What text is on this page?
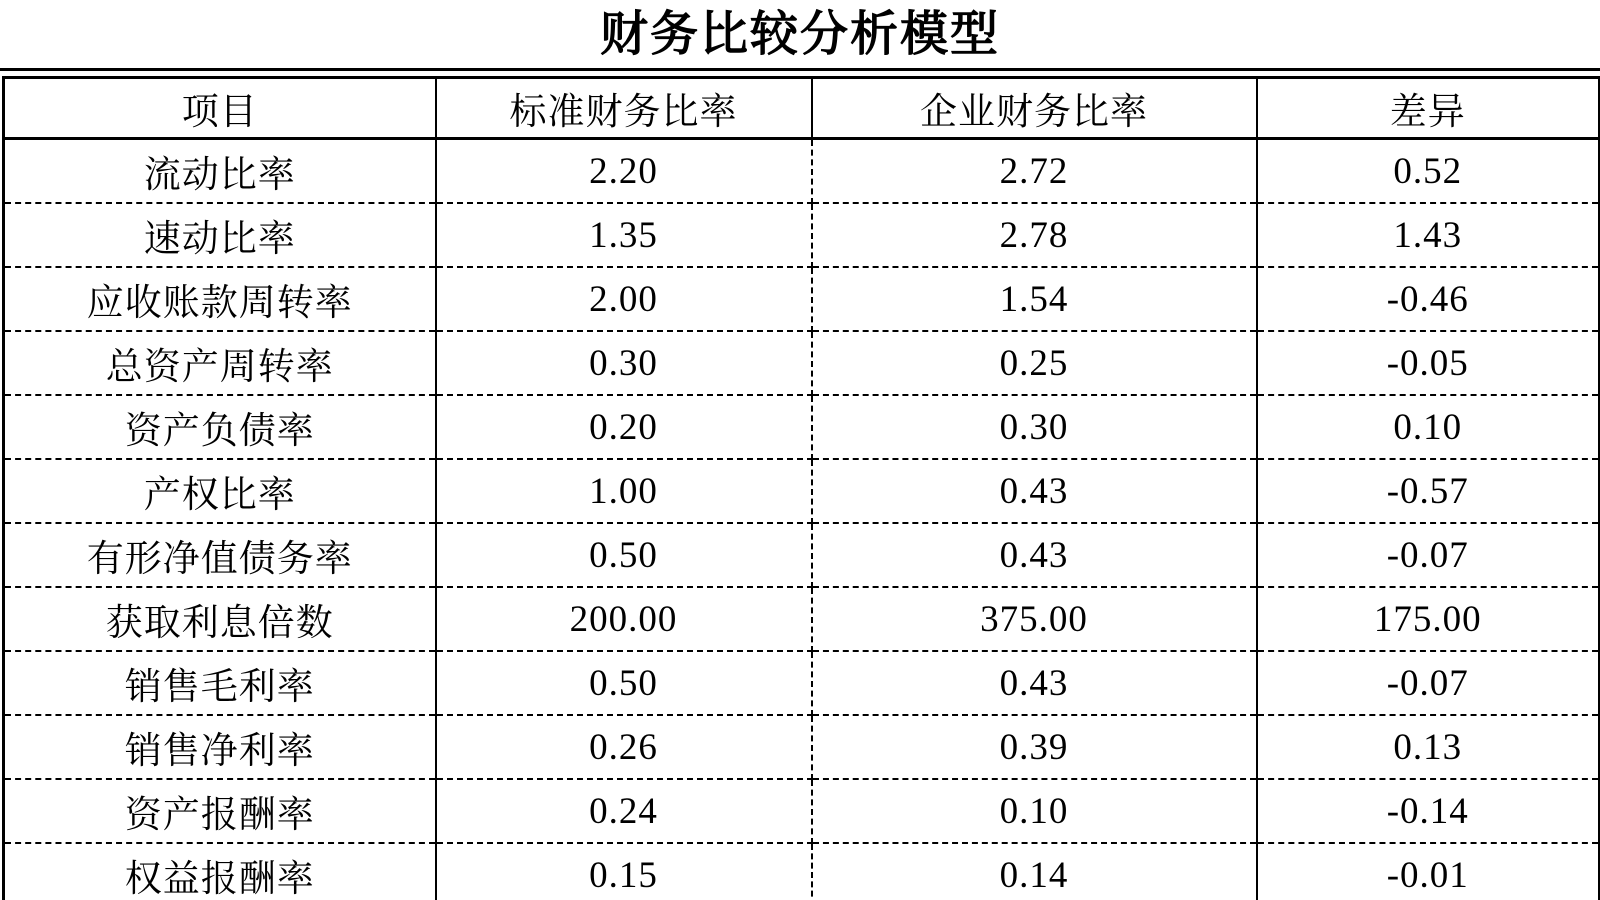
财务比较分析模型
项目	标准财务比率	企业财务比率	差异
流动比率	2.20	2.72	0.52
速动比率	1.35	2.78	1.43
应收账款周转率	2.00	1.54	-0.46
总资产周转率	0.30	0.25	-0.05
资产负债率	0.20	0.30	0.10
产权比率	1.00	0.43	-0.57
有形净值债务率	0.50	0.43	-0.07
获取利息倍数	200.00	375.00	175.00
销售毛利率	0.50	0.43	-0.07
销售净利率	0.26	0.39	0.13
资产报酬率	0.24	0.10	-0.14
权益报酬率	0.15	0.14	-0.01
